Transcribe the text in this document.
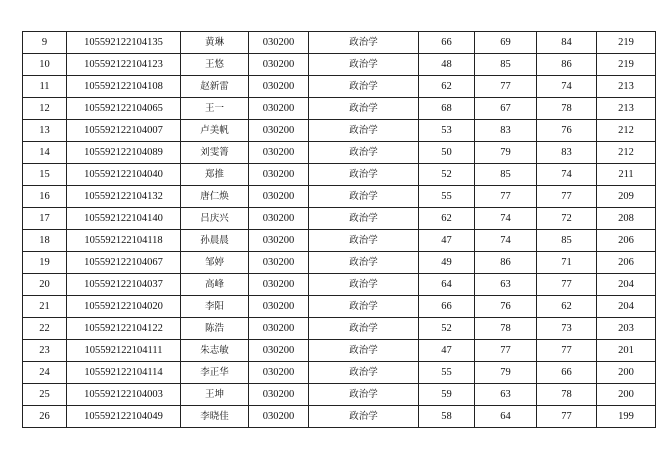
9	105592122104135	黄琳	030200	政治学	66	69	84	219
10	105592122104123	王悠	030200	政治学	48	85	86	219
11	105592122104108	赵新雷	030200	政治学	62	77	74	213
12	105592122104065	王一	030200	政治学	68	67	78	213
13	105592122104007	卢美帆	030200	政治学	53	83	76	212
14	105592122104089	刘雯箐	030200	政治学	50	79	83	212
15	105592122104040	郑推	030200	政治学	52	85	74	211
16	105592122104132	唐仁焕	030200	政治学	55	77	77	209
17	105592122104140	吕庆兴	030200	政治学	62	74	72	208
18	105592122104118	孙晨晨	030200	政治学	47	74	85	206
19	105592122104067	邹婷	030200	政治学	49	86	71	206
20	105592122104037	高峰	030200	政治学	64	63	77	204
21	105592122104020	李阳	030200	政治学	66	76	62	204
22	105592122104122	陈浩	030200	政治学	52	78	73	203
23	105592122104111	朱志敏	030200	政治学	47	77	77	201
24	105592122104114	李正华	030200	政治学	55	79	66	200
25	105592122104003	王坤	030200	政治学	59	63	78	200
26	105592122104049	李晓佳	030200	政治学	58	64	77	199
